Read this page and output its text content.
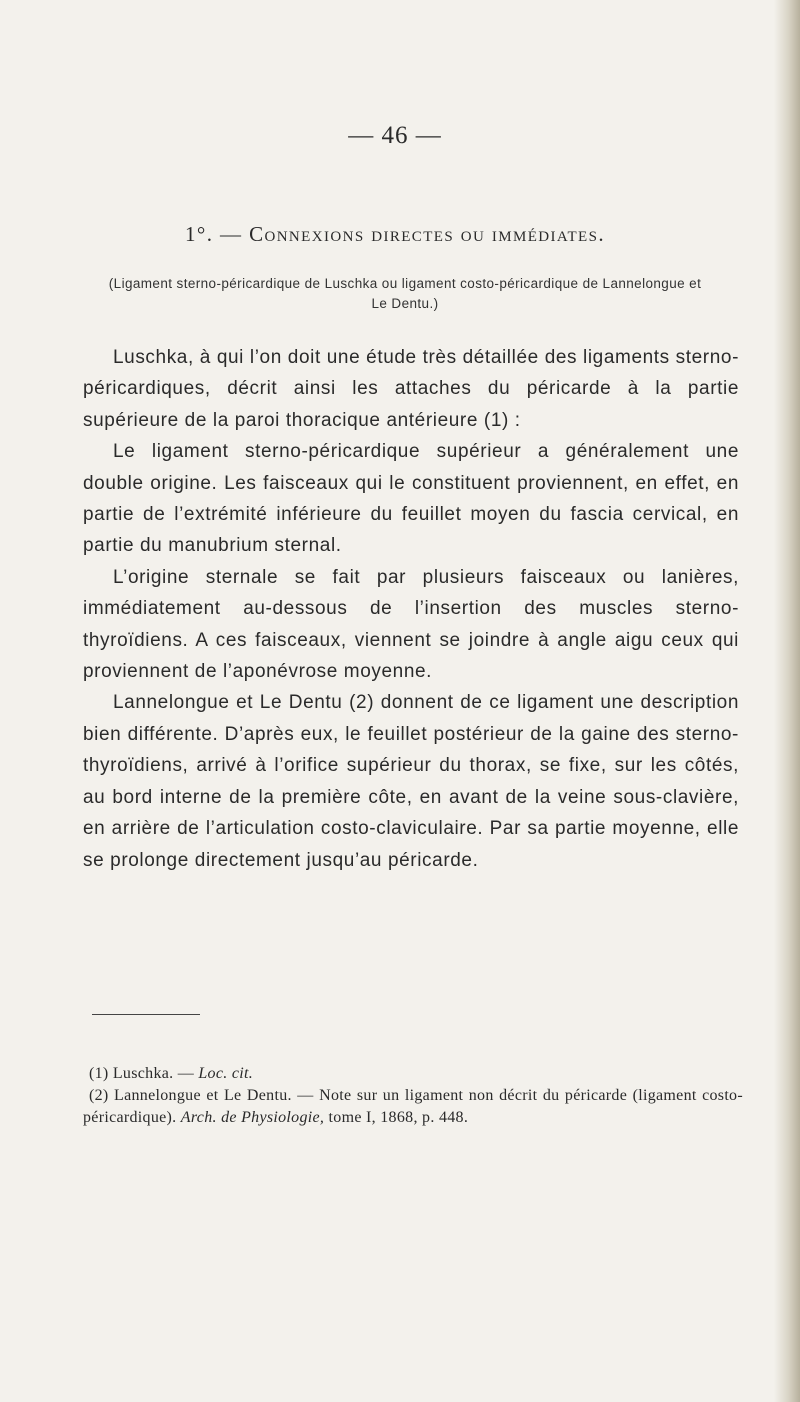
— 46 —
1°. — Connexions directes ou immédiates.
(Ligament sterno-péricardique de Luschka ou ligament costo-péricardique de Lannelongue et Le Dentu.)

Luschka, à qui l’on doit une étude très détaillée des ligaments sterno-péricardiques, décrit ainsi les attaches du péricarde à la partie supérieure de la paroi thoracique antérieure (1) :

Le ligament sterno-péricardique supérieur a généralement une double origine. Les faisceaux qui le constituent proviennent, en effet, en partie de l’extrémité inférieure du feuillet moyen du fascia cervical, en partie du manubrium sternal.

L’origine sternale se fait par plusieurs faisceaux ou lanières, immédiatement au-dessous de l’insertion des muscles sterno-thyroïdiens. A ces faisceaux, viennent se joindre à angle aigu ceux qui proviennent de l’aponévrose moyenne.

Lannelongue et Le Dentu (2) donnent de ce ligament une description bien différente. D’après eux, le feuillet postérieur de la gaine des sterno-thyroïdiens, arrivé à l’orifice supérieur du thorax, se fixe, sur les côtés, au bord interne de la première côte, en avant de la veine sous-clavière, en arrière de l’articulation costo-claviculaire. Par sa partie moyenne, elle se prolonge directement jusqu’au péricarde.

(1) Luschka. — Loc. cit.

(2) Lannelongue et Le Dentu. — Note sur un ligament non décrit du péricarde (ligament costo-péricardique). Arch. de Physiologie, tome I, 1868, p. 448.
